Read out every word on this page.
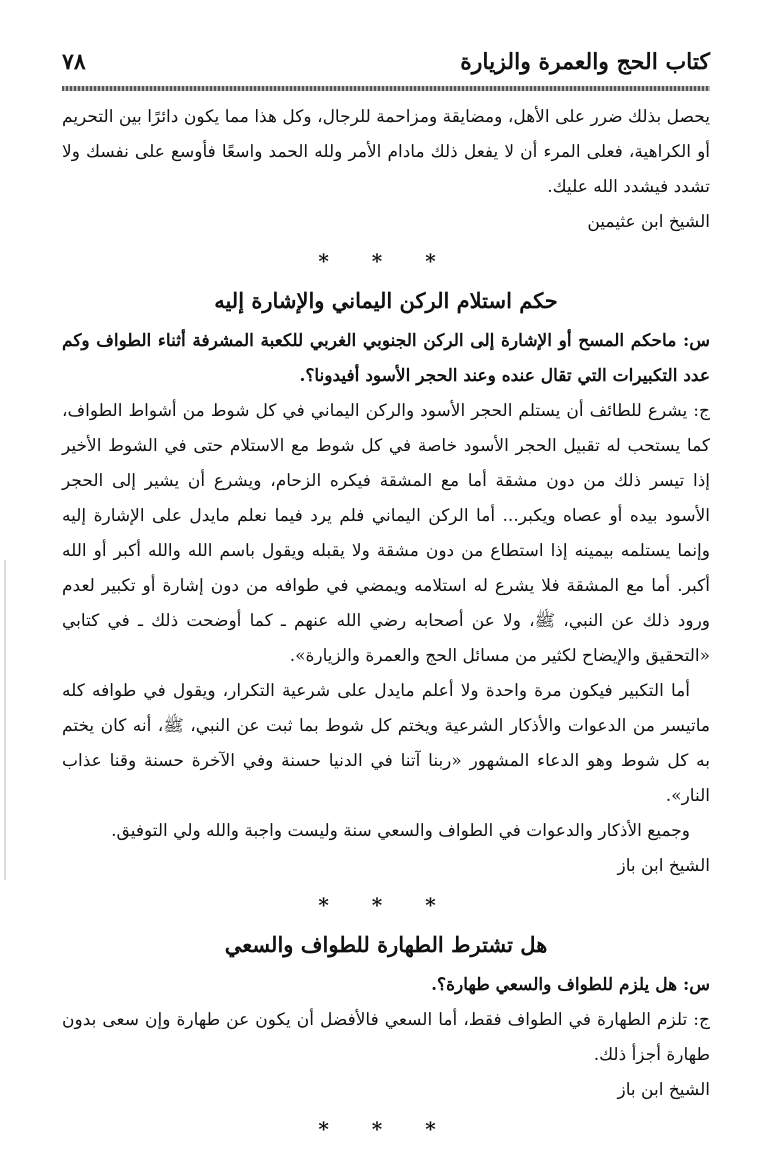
٧٨	كتاب الحج والعمرة والزيارة

يحصل بذلك ضرر على الأهل، ومضايقة ومزاحمة للرجال، وكل هذا مما يكون دائرًا بين التحريم أو الكراهية، فعلى المرء أن لا يفعل ذلك مادام الأمر ولله الحمد واسعًا فأوسع على نفسك ولا تشدد فيشدد الله عليك.

الشيخ ابن عثيمين

* * *
حكم استلام الركن اليماني والإشارة إليه

س: ماحكم المسح أو الإشارة إلى الركن الجنوبي الغربي للكعبة المشرفة أثناء الطواف وكم عدد التكبيرات التي تقال عنده وعند الحجر الأسود أفيدونا؟.

ج: يشرع للطائف أن يستلم الحجر الأسود والركن اليماني في كل شوط من أشواط الطواف، كما يستحب له تقبيل الحجر الأسود خاصة في كل شوط مع الاستلام حتى في الشوط الأخير إذا تيسر ذلك من دون مشقة أما مع المشقة فيكره الزحام، ويشرع أن يشير إلى الحجر الأسود بيده أو عصاه ويكبر... أما الركن اليماني فلم يرد فيما نعلم مايدل على الإشارة إليه وإنما يستلمه بيمينه إذا استطاع من دون مشقة ولا يقبله ويقول باسم الله والله أكبر أو الله أكبر. أما مع المشقة فلا يشرع له استلامه ويمضي في طوافه من دون إشارة أو تكبير لعدم ورود ذلك عن النبي، ﷺ، ولا عن أصحابه رضي الله عنهم ـ كما أوضحت ذلك ـ في كتابي «التحقيق والإيضاح لكثير من مسائل الحج والعمرة والزيارة».

أما التكبير فيكون مرة واحدة ولا أعلم مايدل على شرعية التكرار، ويقول في طوافه كله ماتيسر من الدعوات والأذكار الشرعية ويختم كل شوط بما ثبت عن النبي، ﷺ، أنه كان يختم به كل شوط وهو الدعاء المشهور «ربنا آتنا في الدنيا حسنة وفي الآخرة حسنة وقنا عذاب النار».

وجميع الأذكار والدعوات في الطواف والسعي سنة وليست واجبة والله ولي التوفيق.

الشيخ ابن باز

* * *
هل تشترط الطهارة للطواف والسعي

س: هل يلزم للطواف والسعي طهارة؟.

ج: تلزم الطهارة في الطواف فقط، أما السعي فالأفضل أن يكون عن طهارة وإن سعى بدون طهارة أجزأ ذلك.

الشيخ ابن باز

* * *
